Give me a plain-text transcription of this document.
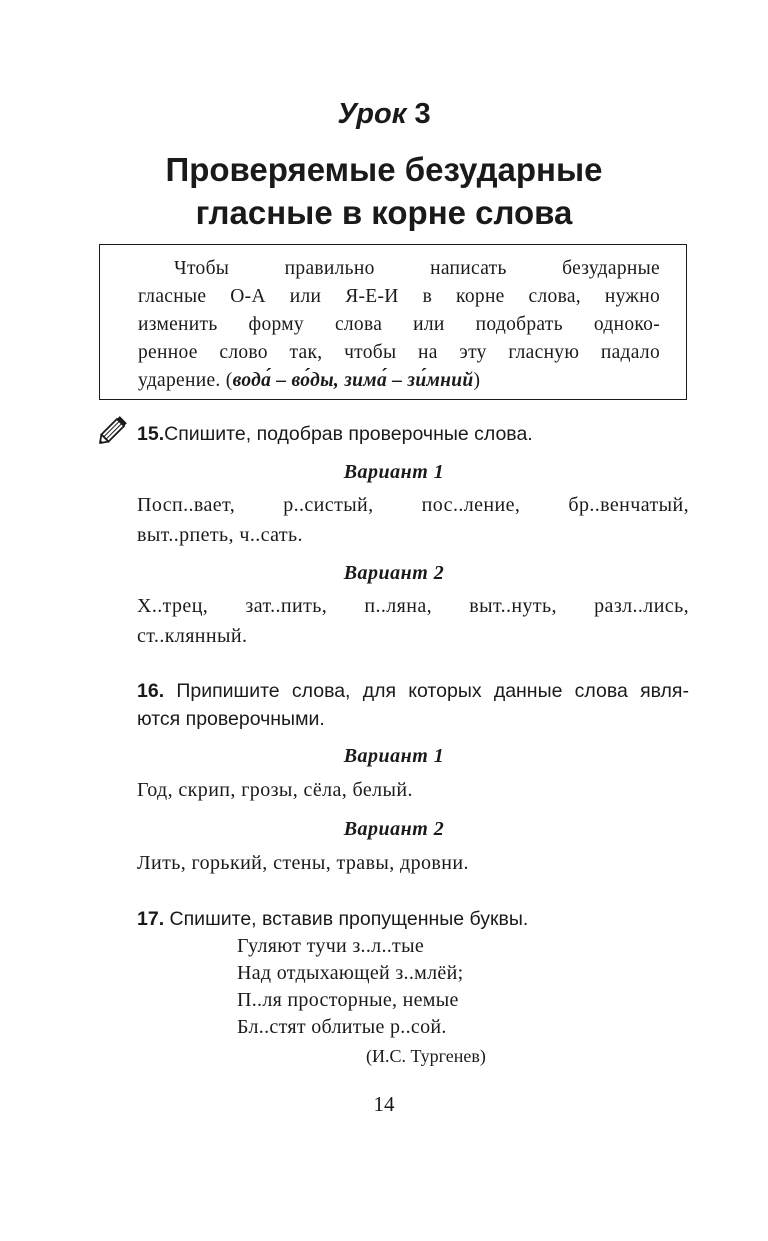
Урок 3
Проверяемые безударные
гласные в корне слова
Чтобы правильно написать безударные
гласные О-А или Я-Е-И в корне слова, нужно
изменить форму слова или подобрать одноко-
ренное слово так, чтобы на эту гласную падало
ударение. (вода́ – во́ды, зима́ – зи́мний)
15.Спишите, подобрав проверочные слова.
Вариант 1
Посп..вает, р..систый, пос..ление, бр..венчатый,
выт..рпеть, ч..сать.
Вариант 2
Х..трец, зат..пить, п..ляна, выт..нуть, разл..лись,
ст..клянный.
16. Припишите слова, для которых данные слова явля-
ются проверочными.
Вариант 1
Год, скрип, грозы, сёла, белый.
Вариант 2
Лить, горький, стены, травы, дровни.
17. Спишите, вставив пропущенные буквы.
Гуляют тучи з..л..тые
Над отдыхающей з..млёй;
П..ля просторные, немые
Бл..стят облитые р..сой.
(И.С. Тургенев)
14
